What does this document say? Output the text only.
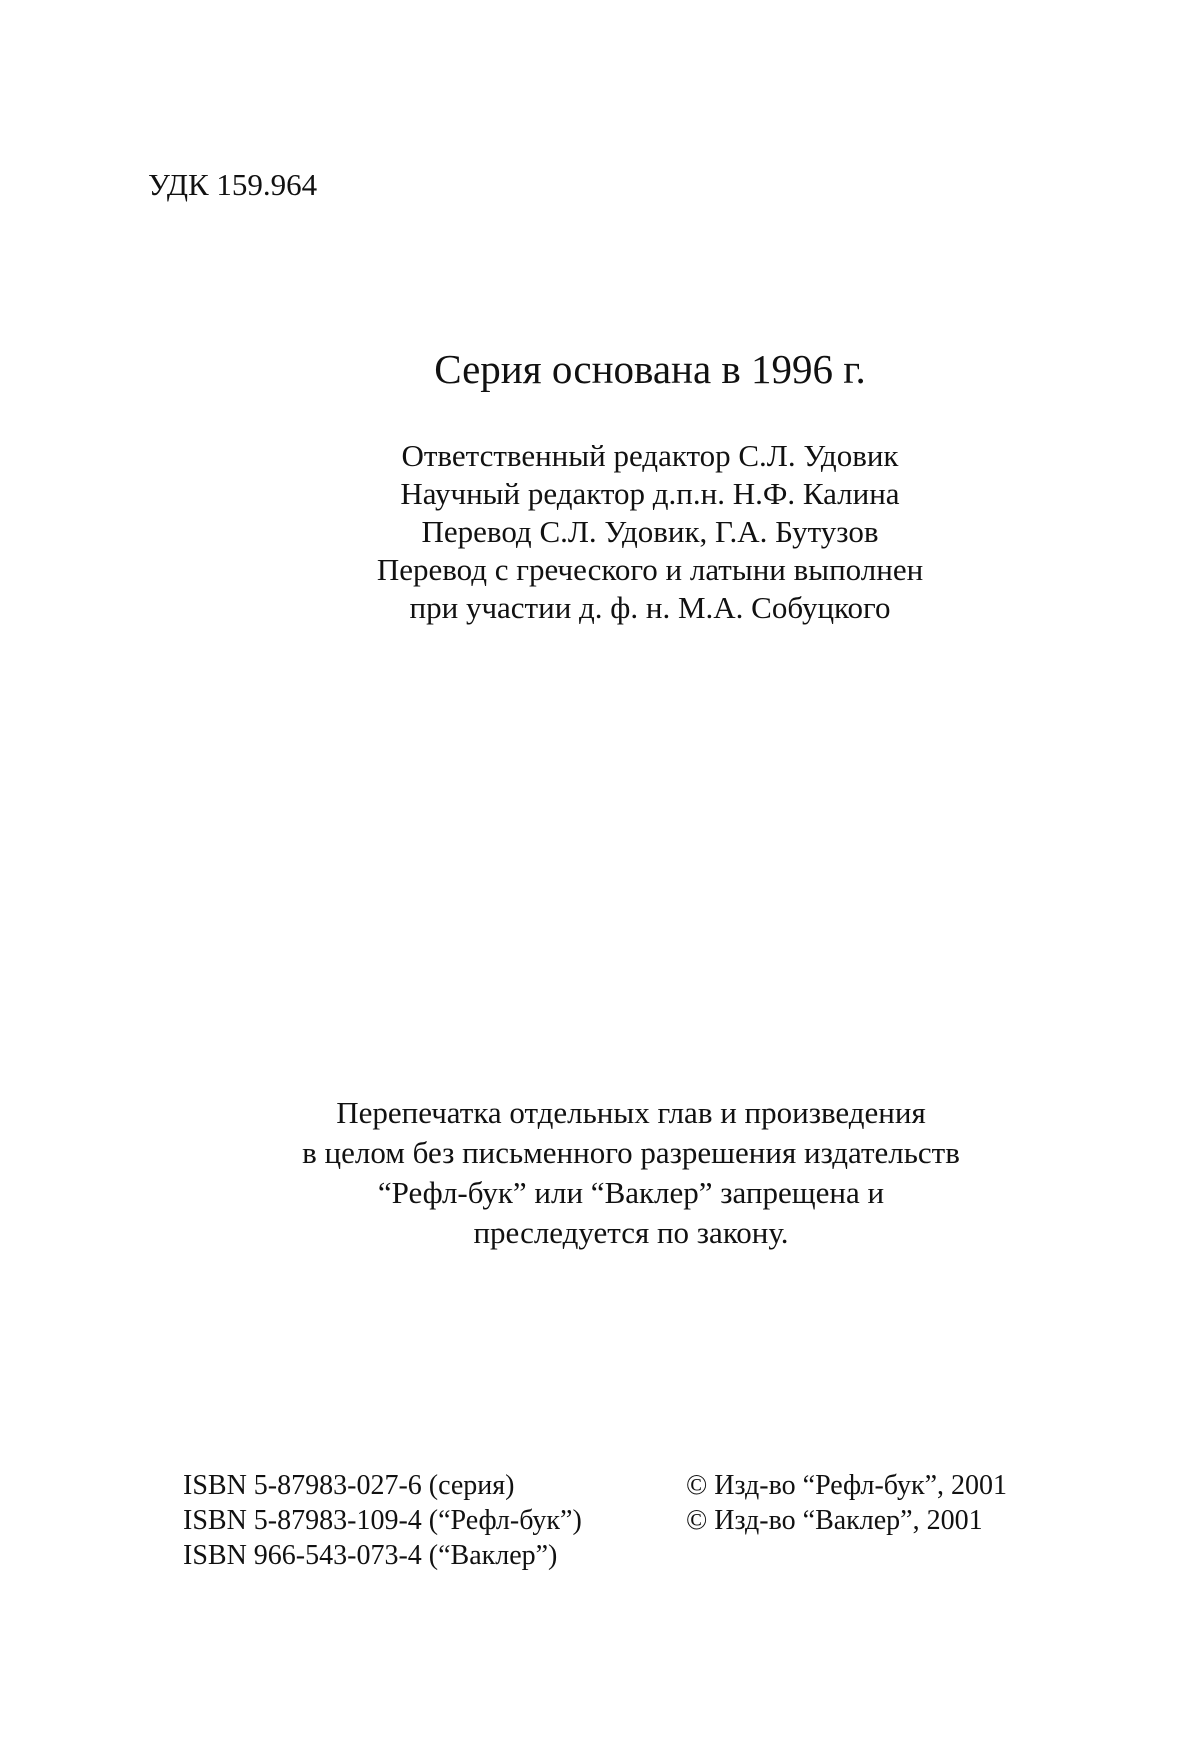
УДК 159.964
Серия основана в 1996 г.
Ответственный редактор С.Л. Удовик
Научный редактор д.п.н. Н.Ф. Калина
Перевод С.Л. Удовик, Г.А. Бутузов
Перевод с греческого и латыни выполнен
при участии д. ф. н. М.А. Собуцкого
Перепечатка отдельных глав и произведения
в целом без письменного разрешения издательств
“Рефл-бук” или “Ваклер” запрещена и
преследуется по закону.
ISBN 5-87983-027-6 (серия)
ISBN 5-87983-109-4 (“Рефл-бук”)
ISBN 966-543-073-4 (“Ваклер”)
© Изд-во “Рефл-бук”, 2001
© Изд-во “Ваклер”, 2001
